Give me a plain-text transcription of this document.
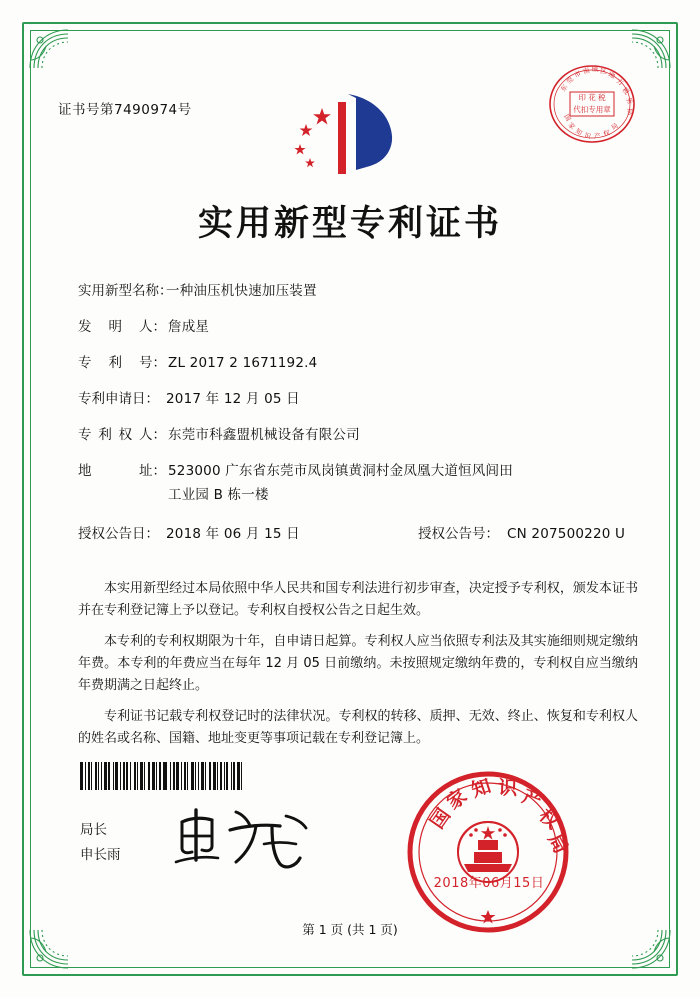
证书号第7490974号
印 花 税
代扣专用章
东
莞
市 南 城 区 地
方
税
务
局
国
家
知 识 产 权
局
实用新型专利证书
实用新型名称：
一种油压机快速加压装置
发 明 人： 詹成星
专 利 号： ZL 2017 2 1671192.4
专利申请日： 2017 年 12 月 05 日
专 利 权 人： 东莞市科鑫盟机械设备有限公司
地	址： 523000 广东省东莞市凤岗镇黄洞村金凤凰大道恒风闾田
工业园 B 栋一楼
授权公告日： 2018 年 06 月 15 日	授权公告号： CN 207500220 U

本实用新型经过本局依照中华人民共和国专利法进行初步审查，决定授予专利权，颁发本证书并在专利登记簿上予以登记。专利权自授权公告之日起生效。

本专利的专利权期限为十年，自申请日起算。专利权人应当依照专利法及其实施细则规定缴纳年费。本专利的年费应当在每年 12 月 05 日前缴纳。未按照规定缴纳年费的，专利权自应当缴纳年费期满之日起终止。

专利证书记载专利权登记时的法律状况。专利权的转移、质押、无效、终止、恢复和专利权人的姓名或名称、国籍、地址变更等事项记载在专利登记簿上。

局长
申长雨
国
家
知 识 产
权
局
2018年06月15日
第 1 页 (共 1 页)
